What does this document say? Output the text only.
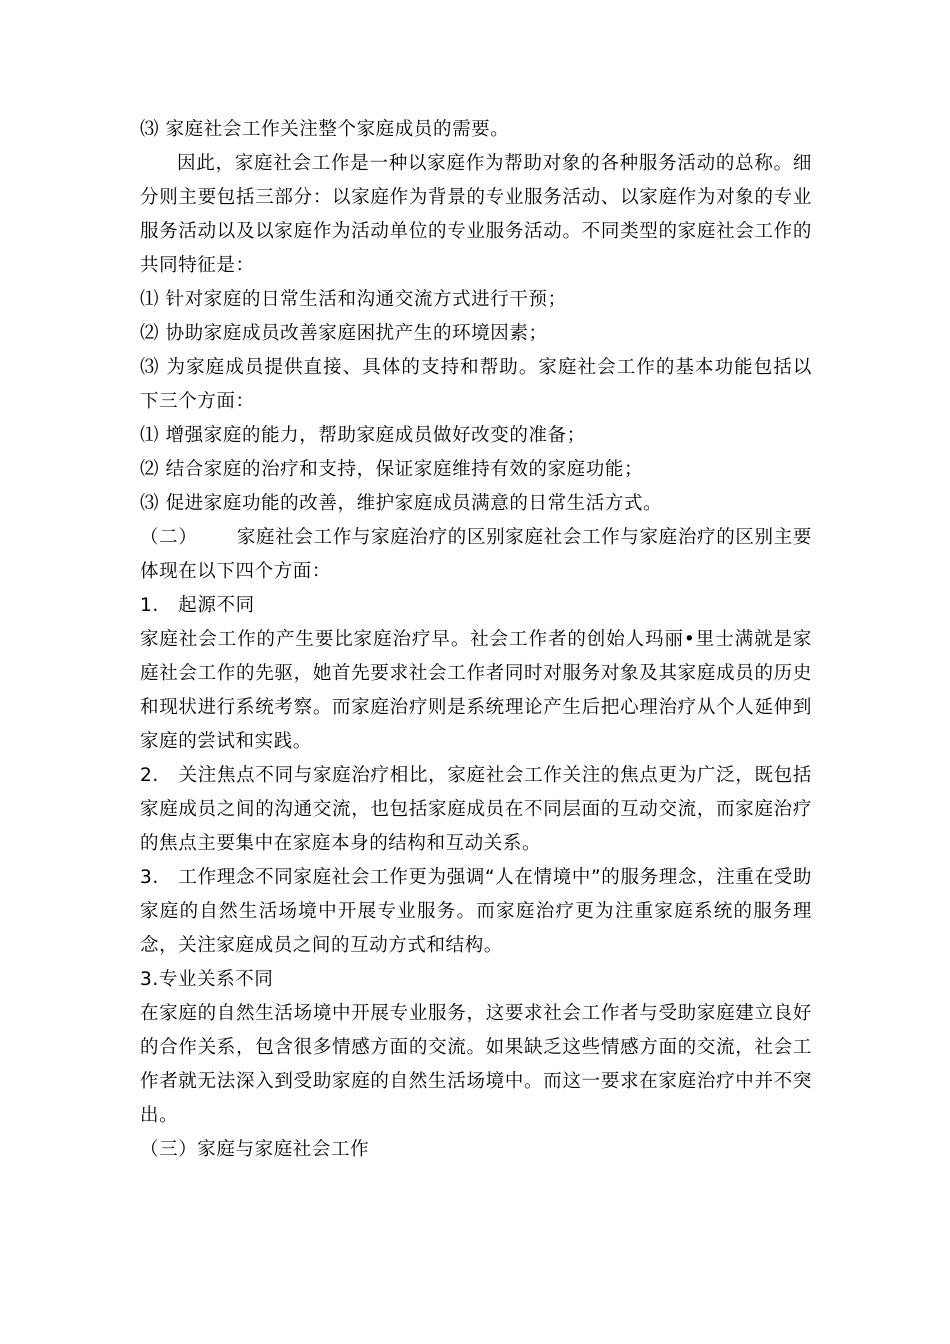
⑶ 家庭社会工作关注整个家庭成员的需要。

因此，家庭社会工作是一种以家庭作为帮助对象的各种服务活动的总称。细分则主要包括三部分：以家庭作为背景的专业服务活动、以家庭作为对象的专业服务活动以及以家庭作为活动单位的专业服务活动。不同类型的家庭社会工作的共同特征是：

⑴ 针对家庭的日常生活和沟通交流方式进行干预；

⑵ 协助家庭成员改善家庭困扰产生的环境因素；

⑶ 为家庭成员提供直接、具体的支持和帮助。家庭社会工作的基本功能包括以下三个方面：

⑴ 增强家庭的能力，帮助家庭成员做好改变的准备；

⑵ 结合家庭的治疗和支持，保证家庭维持有效的家庭功能；

⑶ 促进家庭功能的改善，维护家庭成员满意的日常生活方式。

（二）      家庭社会工作与家庭治疗的区别家庭社会工作与家庭治疗的区别主要体现在以下四个方面：

1.   起源不同

家庭社会工作的产生要比家庭治疗早。社会工作者的创始人玛丽•里士满就是家庭社会工作的先驱，她首先要求社会工作者同时对服务对象及其家庭成员的历史和现状进行系统考察。而家庭治疗则是系统理论产生后把心理治疗从个人延伸到家庭的尝试和实践。

2.   关注焦点不同与家庭治疗相比，家庭社会工作关注的焦点更为广泛，既包括家庭成员之间的沟通交流，也包括家庭成员在不同层面的互动交流，而家庭治疗的焦点主要集中在家庭本身的结构和互动关系。

3.   工作理念不同家庭社会工作更为强调“人在情境中”的服务理念，注重在受助家庭的自然生活场境中开展专业服务。而家庭治疗更为注重家庭系统的服务理念，关注家庭成员之间的互动方式和结构。

3.专业关系不同

在家庭的自然生活场境中开展专业服务，这要求社会工作者与受助家庭建立良好的合作关系，包含很多情感方面的交流。如果缺乏这些情感方面的交流，社会工作者就无法深入到受助家庭的自然生活场境中。而这一要求在家庭治疗中并不突出。

（三）家庭与家庭社会工作
